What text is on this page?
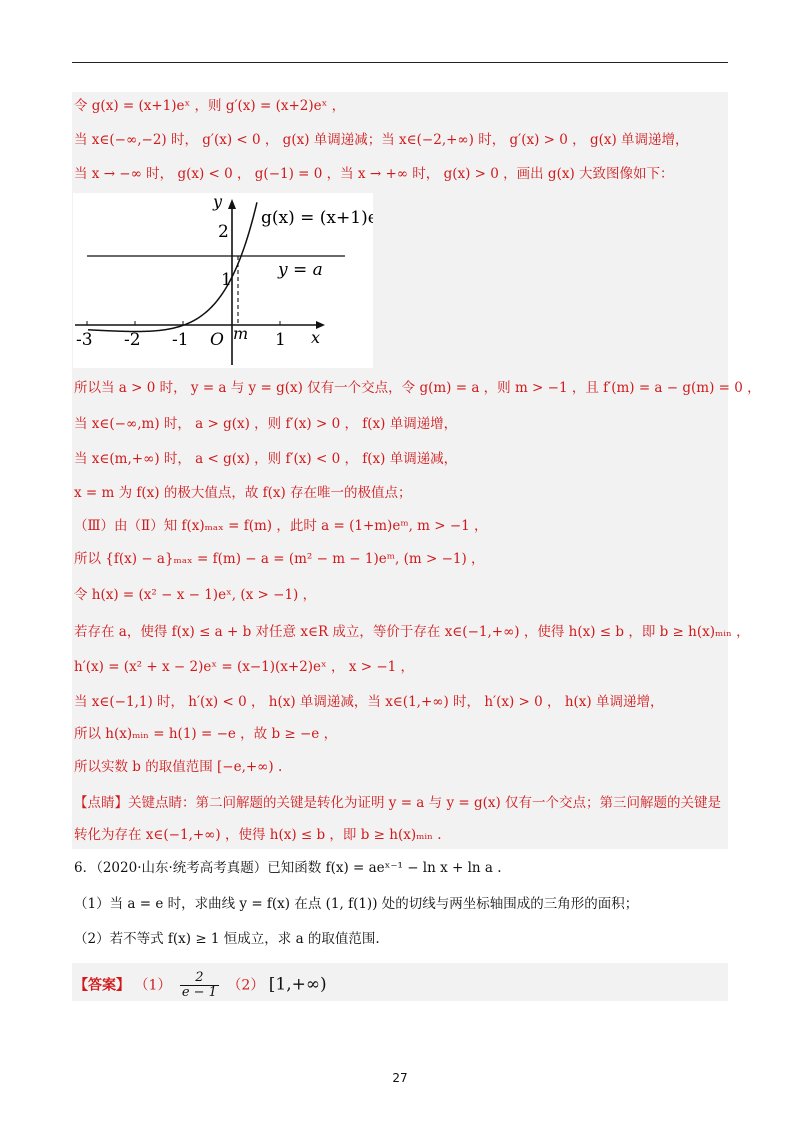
令 g(x) = (x+1)eˣ ，则 g′(x) = (x+2)eˣ ，
当 x∈(−∞,−2) 时， g′(x) < 0 ， g(x) 单调递减；当 x∈(−2,+∞) 时， g′(x) > 0 ， g(x) 单调递增，
当 x → −∞ 时， g(x) < 0 ， g(−1) = 0 ，当 x → +∞ 时， g(x) > 0 ，画出 g(x) 大致图像如下：
g(x) = (x+1)eˣ
y = a
y
x
O m
-3 -2 -1	1
2
1
所以当 a > 0 时， y = a 与 y = g(x) 仅有一个交点，令 g(m) = a ，则 m > −1 ，且 f′(m) = a − g(m) = 0 ，
当 x∈(−∞,m) 时， a > g(x) ，则 f′(x) > 0 ， f(x) 单调递增，
当 x∈(m,+∞) 时， a < g(x) ，则 f′(x) < 0 ， f(x) 单调递减，
x = m 为 f(x) 的极大值点，故 f(x) 存在唯一的极值点；
（Ⅲ）由（Ⅱ）知 f(x)ₘₐₓ = f(m) ，此时 a = (1+m)eᵐ, m > −1 ，
所以 {f(x) − a}ₘₐₓ = f(m) − a = (m² − m − 1)eᵐ, (m > −1) ，
令 h(x) = (x² − x − 1)eˣ, (x > −1) ，
若存在 a，使得 f(x) ≤ a + b 对任意 x∈R 成立，等价于存在 x∈(−1,+∞) ，使得 h(x) ≤ b ，即 b ≥ h(x)ₘᵢₙ ，
h′(x) = (x² + x − 2)eˣ = (x−1)(x+2)eˣ ， x > −1 ，
当 x∈(−1,1) 时， h′(x) < 0 ， h(x) 单调递减，当 x∈(1,+∞) 时， h′(x) > 0 ， h(x) 单调递增，
所以 h(x)ₘᵢₙ = h(1) = −e ，故 b ≥ −e ，
所以实数 b 的取值范围 [−e,+∞) .
【点睛】关键点睛：第二问解题的关键是转化为证明 y = a 与 y = g(x) 仅有一个交点；第三问解题的关键是
转化为存在 x∈(−1,+∞) ，使得 h(x) ≤ b ，即 b ≥ h(x)ₘᵢₙ .
6．（2020·山东·统考高考真题）已知函数 f(x) = aeˣ⁻¹ − ln x + ln a .
（1）当 a = e 时，求曲线 y = f(x) 在点 (1, f(1)) 处的切线与两坐标轴围成的三角形的面积；
（2）若不等式 f(x) ≥ 1 恒成立，求 a 的取值范围.
【答案】 $(1) \frac{2}{e - 1} (2)$ [1,+∞)
27
